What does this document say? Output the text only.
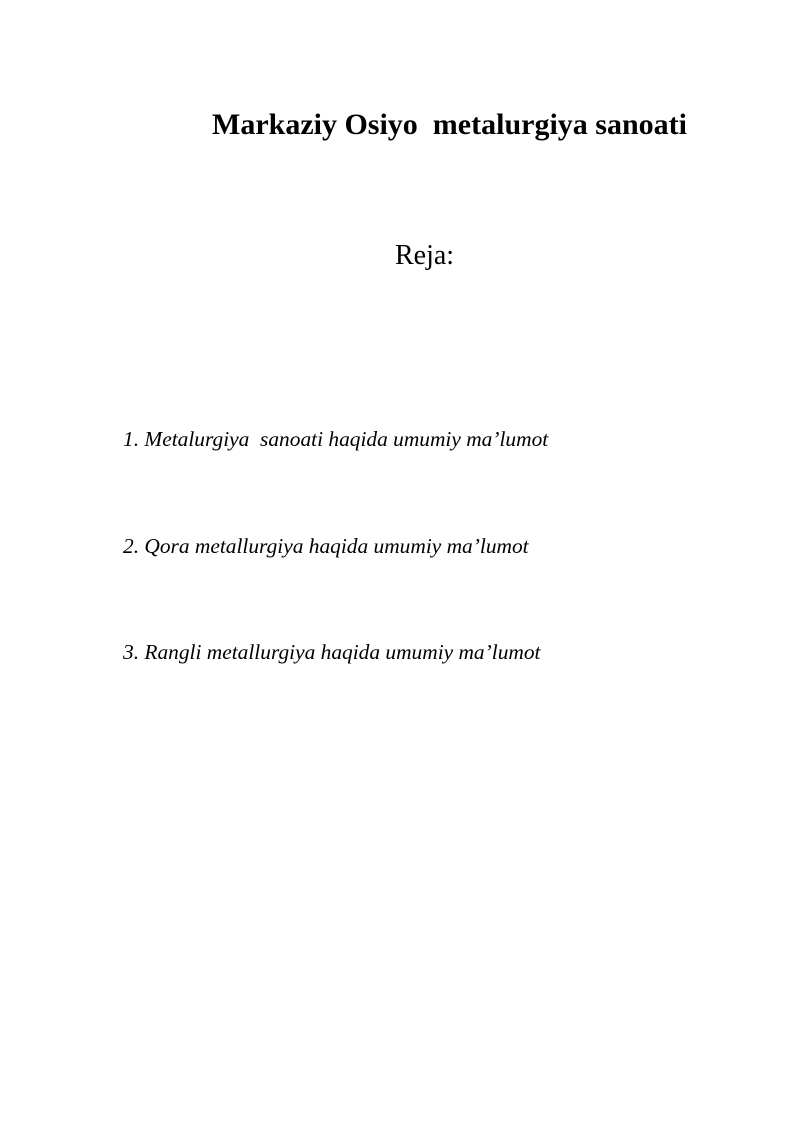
Markaziy Osiyo  metalurgiya sanoati
Reja:

1. Metalurgiya  sanoati haqida umumiy ma’lumot

2. Qora metallurgiya haqida umumiy ma’lumot

3. Rangli metallurgiya haqida umumiy ma’lumot
